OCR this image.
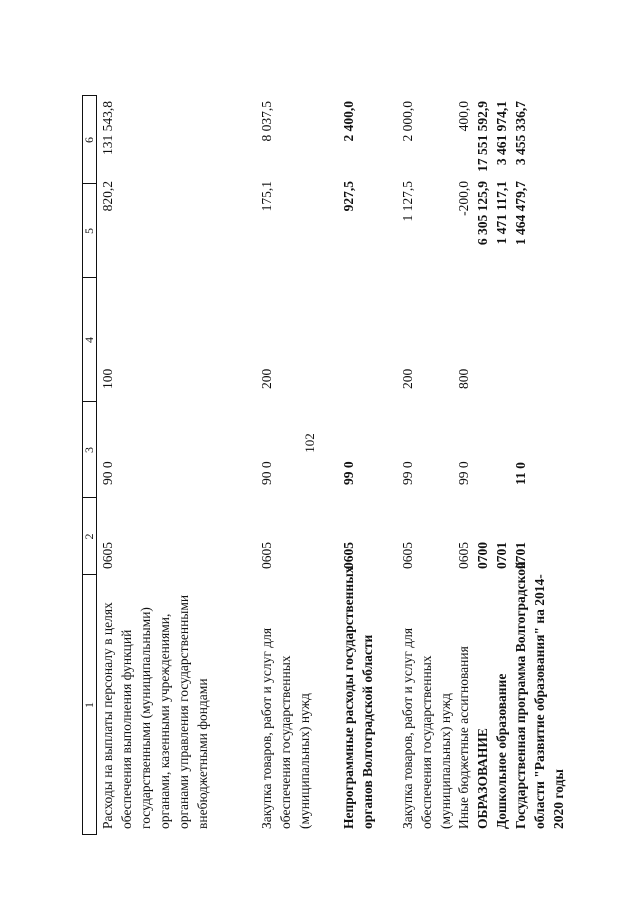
102
1
2
3
4
5
6
Расходы на выплаты персоналу в целях обеспечения выполнения функций государственными (муниципальными) органами, казенными учреждениями, органами управления государственными внебюджетными фондами
0605
90 0
100
820,2
131 543,8
Закупка товаров, работ и услуг для обеспечения государственных (муниципальных) нужд
0605
90 0
200
175,1
8 037,5
Непрограммные расходы государственных органов Волгоградской области
0605
99 0
927,5
2 400,0
Закупка товаров, работ и услуг для обеспечения государственных (муниципальных) нужд
0605
99 0
200
1 127,5
2 000,0
Иные бюджетные ассигнования
0605
99 0
800
-200,0
400,0
ОБРАЗОВАНИЕ
0700
6 305 125,9
17 551 592,9
Дошкольное образование
0701
1 471 117,1
3 461 974,1
Государственная программа Волгоградской области "Развитие образования" на 2014-2020 годы
0701
11 0
1 464 479,7
3 455 336,7
